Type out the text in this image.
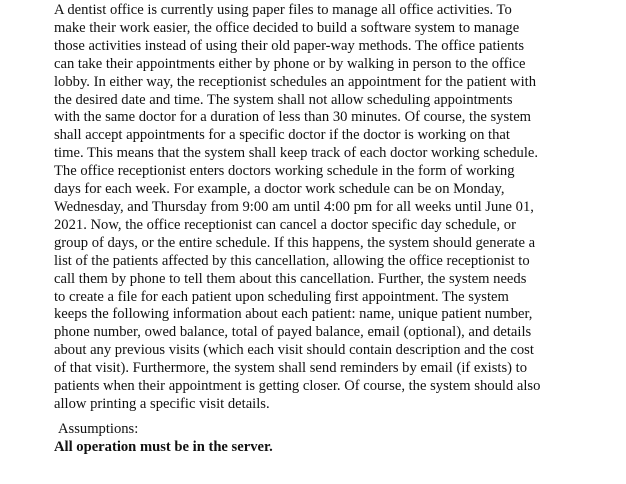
A dentist office is currently using paper files to manage all office activities. To
make their work easier, the office decided to build a software system to manage
those activities instead of using their old paper-way methods. The office patients
can take their appointments either by phone or by walking in person to the office
lobby. In either way, the receptionist schedules an appointment for the patient with
the desired date and time. The system shall not allow scheduling appointments
with the same doctor for a duration of less than 30 minutes. Of course, the system
shall accept appointments for a specific doctor if the doctor is working on that
time. This means that the system shall keep track of each doctor working schedule.
The office receptionist enters doctors working schedule in the form of working
days for each week. For example, a doctor work schedule can be on Monday,
Wednesday, and Thursday from 9:00 am until 4:00 pm for all weeks until June 01,
2021. Now, the office receptionist can cancel a doctor specific day schedule, or
group of days, or the entire schedule. If this happens, the system should generate a
list of the patients affected by this cancellation, allowing the office receptionist to
call them by phone to tell them about this cancellation. Further, the system needs
to create a file for each patient upon scheduling first appointment. The system
keeps the following information about each patient: name, unique patient number,
phone number, owed balance, total of payed balance, email (optional), and details
about any previous visits (which each visit should contain description and the cost
of that visit). Furthermore, the system shall send reminders by email (if exists) to
patients when their appointment is getting closer. Of course, the system should also
allow printing a specific visit details.
Assumptions:
All operation must be in the server.
